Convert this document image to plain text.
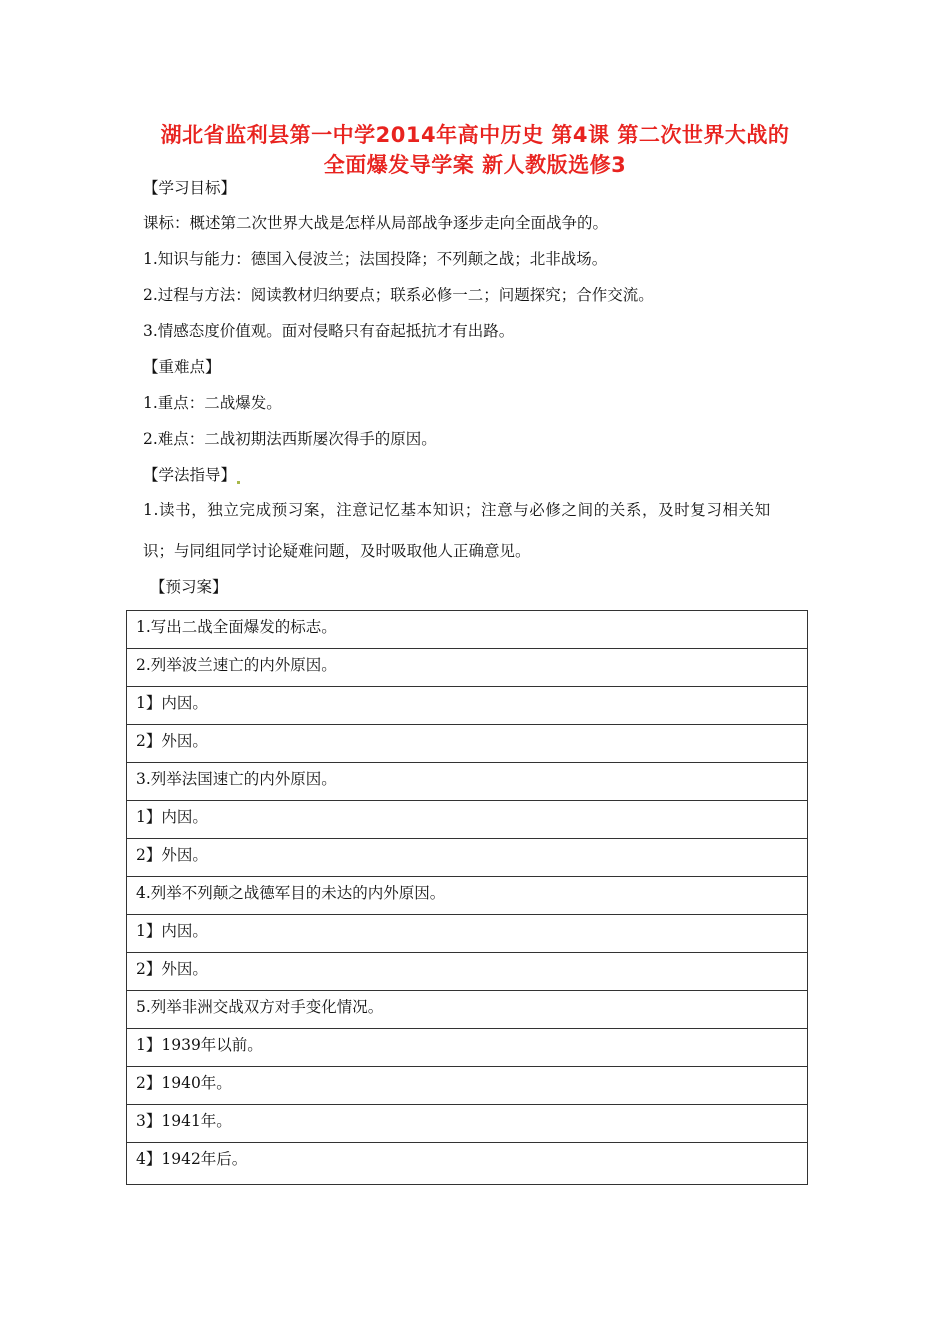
湖北省监利县第一中学2014年高中历史 第4课 第二次世界大战的
全面爆发导学案 新人教版选修3
【学习目标】
课标：概述第二次世界大战是怎样从局部战争逐步走向全面战争的。
1.知识与能力：德国入侵波兰；法国投降；不列颠之战；北非战场。
2.过程与方法：阅读教材归纳要点；联系必修一二；问题探究；合作交流。
3.情感态度价值观。面对侵略只有奋起抵抗才有出路。
【重难点】
1.重点：二战爆发。
2.难点：二战初期法西斯屡次得手的原因。
【学法指导】
1.读书，独立完成预习案，注意记忆基本知识；注意与必修之间的关系，及时复习相关知
识；与同组同学讨论疑难问题，及时吸取他人正确意见。
【预习案】
1.写出二战全面爆发的标志。
2.列举波兰速亡的内外原因。
1】内因。
2】外因。
3.列举法国速亡的内外原因。
1】内因。
2】外因。
4.列举不列颠之战德军目的未达的内外原因。
1】内因。
2】外因。
5.列举非洲交战双方对手变化情况。
1】1939年以前。
2】1940年。
3】1941年。
4】1942年后。
